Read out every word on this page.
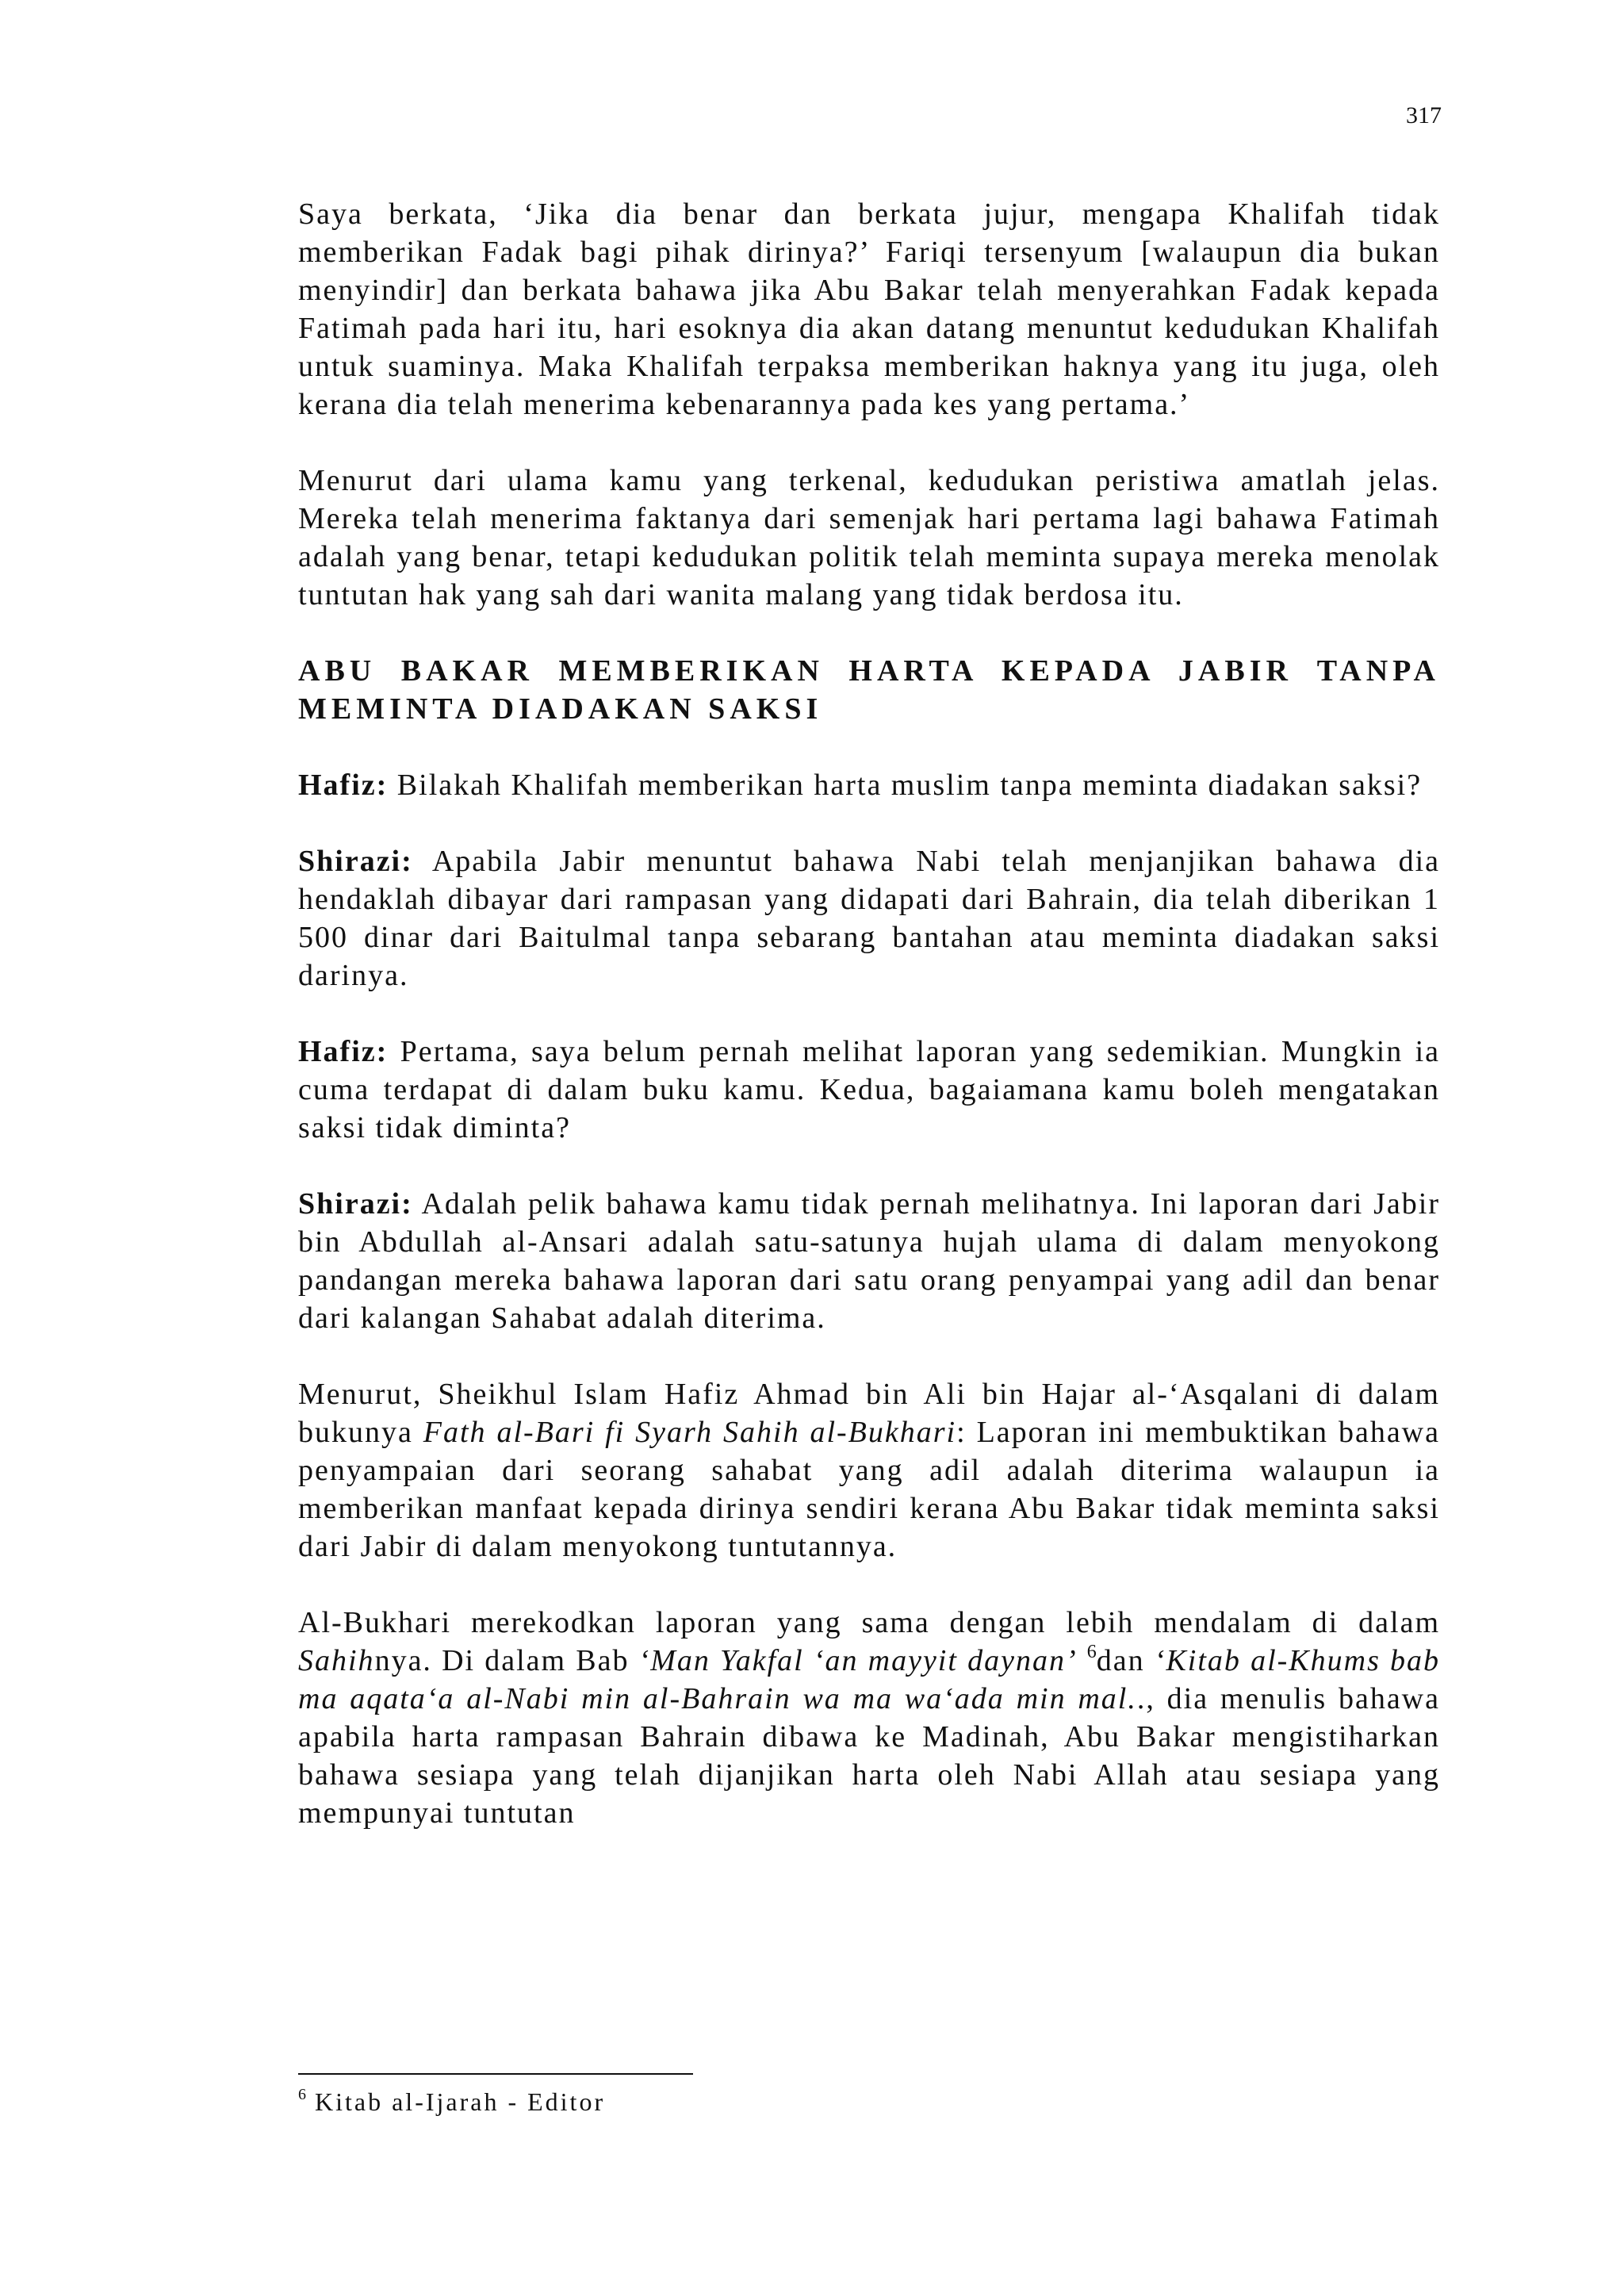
317

Saya berkata, ‘Jika dia benar dan berkata jujur, mengapa Khalifah tidak memberikan Fadak bagi pihak dirinya?’ Fariqi tersenyum [walaupun dia bukan menyindir] dan berkata bahawa jika Abu Bakar telah menyerahkan Fadak kepada Fatimah pada hari itu, hari esoknya dia akan datang menuntut kedudukan Khalifah untuk suaminya. Maka Khalifah terpaksa memberikan haknya yang itu juga, oleh kerana dia telah menerima kebenarannya pada kes yang pertama.’

Menurut dari ulama kamu yang terkenal, kedudukan peristiwa amatlah jelas. Mereka telah menerima faktanya dari semenjak hari pertama lagi bahawa Fatimah adalah yang benar, tetapi kedudukan politik telah meminta supaya mereka menolak tuntutan hak yang sah dari wanita malang yang tidak berdosa itu.

ABU BAKAR MEMBERIKAN HARTA KEPADA JABIR TANPA MEMINTA DIADAKAN SAKSI

Hafiz: Bilakah Khalifah memberikan harta muslim tanpa meminta diadakan saksi?

Shirazi: Apabila Jabir menuntut bahawa Nabi telah menjanjikan bahawa dia hendaklah dibayar dari rampasan yang didapati dari Bahrain, dia telah diberikan 1 500 dinar dari Baitulmal tanpa sebarang bantahan atau meminta diadakan saksi darinya.

Hafiz: Pertama, saya belum pernah melihat laporan yang sedemikian. Mungkin ia cuma terdapat di dalam buku kamu. Kedua, bagaiamana kamu boleh mengatakan saksi tidak diminta?

Shirazi: Adalah pelik bahawa kamu tidak pernah melihatnya. Ini laporan dari Jabir bin Abdullah al-Ansari adalah satu-satunya hujah ulama di dalam menyokong pandangan mereka bahawa laporan dari satu orang penyampai yang adil dan benar dari kalangan Sahabat adalah diterima.

Menurut, Sheikhul Islam Hafiz Ahmad bin Ali bin Hajar al-‘Asqalani di dalam bukunya Fath al-Bari fi Syarh Sahih al-Bukhari: Laporan ini membuktikan bahawa penyampaian dari seorang sahabat yang adil adalah diterima walaupun ia memberikan manfaat kepada dirinya sendiri kerana Abu Bakar tidak meminta saksi dari Jabir di dalam menyokong tuntutannya.

Al-Bukhari merekodkan laporan yang sama dengan lebih mendalam di dalam Sahihnya. Di dalam Bab ‘Man Yakfal ‘an mayyit daynan’ $^6$dan ‘Kitab al-Khums bab ma aqata‘a al-Nabi min al-Bahrain wa ma wa‘ada min mal.., dia menulis bahawa apabila harta rampasan Bahrain dibawa ke Madinah, Abu Bakar mengistiharkan bahawa sesiapa yang telah dijanjikan harta oleh Nabi Allah atau sesiapa yang mempunyai tuntutan

$^6$ Kitab al-Ijarah - Editor
